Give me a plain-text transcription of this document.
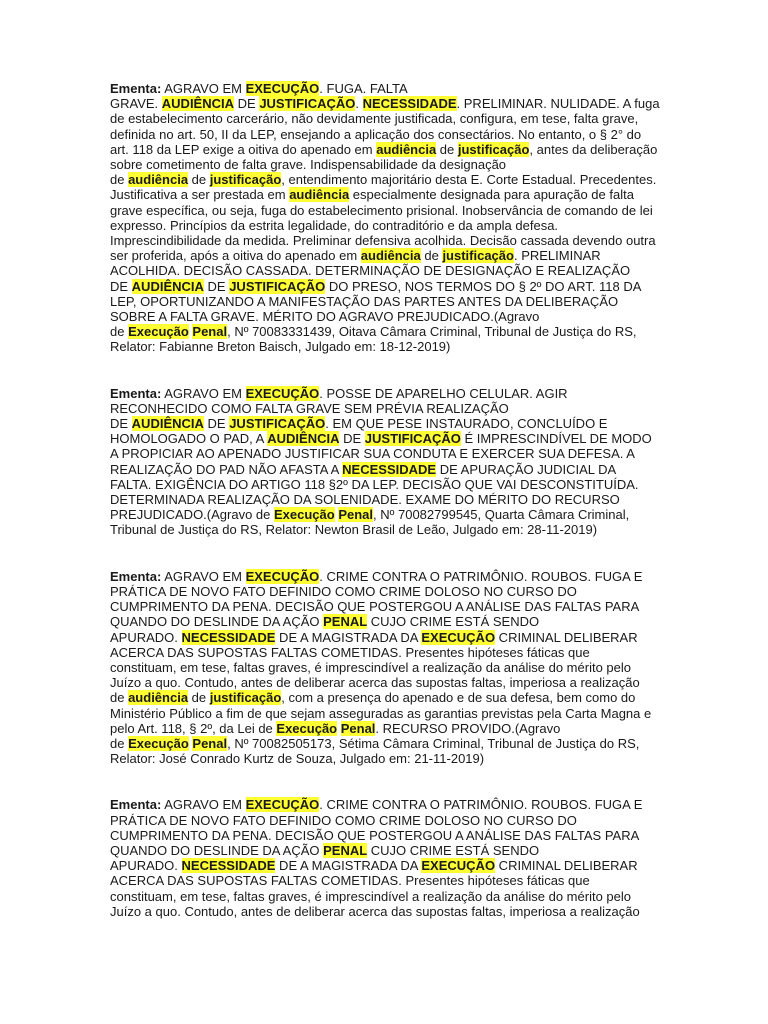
Ementa: AGRAVO EM EXECUÇÃO. FUGA. FALTA
GRAVE. AUDIÊNCIA DE JUSTIFICAÇÃO. NECESSIDADE. PRELIMINAR. NULIDADE. A fuga
de estabelecimento carcerário, não devidamente justificada, configura, em tese, falta grave,
definida no art. 50, II da LEP, ensejando a aplicação dos consectários. No entanto, o § 2° do
art. 118 da LEP exige a oitiva do apenado em audiência de justificação, antes da deliberação
sobre cometimento de falta grave. Indispensabilidade da designação
de audiência de justificação, entendimento majoritário desta E. Corte Estadual. Precedentes.
Justificativa a ser prestada em audiência especialmente designada para apuração de falta
grave específica, ou seja, fuga do estabelecimento prisional. Inobservância de comando de lei
expresso. Princípios da estrita legalidade, do contraditório e da ampla defesa.
Imprescindibilidade da medida. Preliminar defensiva acolhida. Decisão cassada devendo outra
ser proferida, após a oitiva do apenado em audiência de justificação. PRELIMINAR
ACOLHIDA. DECISÃO CASSADA. DETERMINAÇÃO DE DESIGNAÇÃO E REALIZAÇÃO
DE AUDIÊNCIA DE JUSTIFICAÇÃO DO PRESO, NOS TERMOS DO § 2º DO ART. 118 DA
LEP, OPORTUNIZANDO A MANIFESTAÇÃO DAS PARTES ANTES DA DELIBERAÇÃO
SOBRE A FALTA GRAVE. MÉRITO DO AGRAVO PREJUDICADO.(Agravo
de Execução Penal, Nº 70083331439, Oitava Câmara Criminal, Tribunal de Justiça do RS,
Relator: Fabianne Breton Baisch, Julgado em: 18-12-2019)

Ementa: AGRAVO EM EXECUÇÃO. POSSE DE APARELHO CELULAR. AGIR
RECONHECIDO COMO FALTA GRAVE SEM PRÉVIA REALIZAÇÃO
DE AUDIÊNCIA DE JUSTIFICAÇÃO. EM QUE PESE INSTAURADO, CONCLUÍDO E
HOMOLOGADO O PAD, A AUDIÊNCIA DE JUSTIFICAÇÃO É IMPRESCINDÍVEL DE MODO
A PROPICIAR AO APENADO JUSTIFICAR SUA CONDUTA E EXERCER SUA DEFESA. A
REALIZAÇÃO DO PAD NÃO AFASTA A NECESSIDADE DE APURAÇÃO JUDICIAL DA
FALTA. EXIGÊNCIA DO ARTIGO 118 §2º DA LEP. DECISÃO QUE VAI DESCONSTITUÍDA.
DETERMINADA REALIZAÇÃO DA SOLENIDADE. EXAME DO MÉRITO DO RECURSO
PREJUDICADO.(Agravo de Execução Penal, Nº 70082799545, Quarta Câmara Criminal,
Tribunal de Justiça do RS, Relator: Newton Brasil de Leão, Julgado em: 28-11-2019)

Ementa: AGRAVO EM EXECUÇÃO. CRIME CONTRA O PATRIMÔNIO. ROUBOS. FUGA E
PRÁTICA DE NOVO FATO DEFINIDO COMO CRIME DOLOSO NO CURSO DO
CUMPRIMENTO DA PENA. DECISÃO QUE POSTERGOU A ANÁLISE DAS FALTAS PARA
QUANDO DO DESLINDE DA AÇÃO PENAL CUJO CRIME ESTÁ SENDO
APURADO. NECESSIDADE DE A MAGISTRADA DA EXECUÇÃO CRIMINAL DELIBERAR
ACERCA DAS SUPOSTAS FALTAS COMETIDAS. Presentes hipóteses fáticas que
constituam, em tese, faltas graves, é imprescindível a realização da análise do mérito pelo
Juízo a quo. Contudo, antes de deliberar acerca das supostas faltas, imperiosa a realização
de audiência de justificação, com a presença do apenado e de sua defesa, bem como do
Ministério Público a fim de que sejam asseguradas as garantias previstas pela Carta Magna e
pelo Art. 118, § 2º, da Lei de Execução Penal. RECURSO PROVIDO.(Agravo
de Execução Penal, Nº 70082505173, Sétima Câmara Criminal, Tribunal de Justiça do RS,
Relator: José Conrado Kurtz de Souza, Julgado em: 21-11-2019)

Ementa: AGRAVO EM EXECUÇÃO. CRIME CONTRA O PATRIMÔNIO. ROUBOS. FUGA E
PRÁTICA DE NOVO FATO DEFINIDO COMO CRIME DOLOSO NO CURSO DO
CUMPRIMENTO DA PENA. DECISÃO QUE POSTERGOU A ANÁLISE DAS FALTAS PARA
QUANDO DO DESLINDE DA AÇÃO PENAL CUJO CRIME ESTÁ SENDO
APURADO. NECESSIDADE DE A MAGISTRADA DA EXECUÇÃO CRIMINAL DELIBERAR
ACERCA DAS SUPOSTAS FALTAS COMETIDAS. Presentes hipóteses fáticas que
constituam, em tese, faltas graves, é imprescindível a realização da análise do mérito pelo
Juízo a quo. Contudo, antes de deliberar acerca das supostas faltas, imperiosa a realização
